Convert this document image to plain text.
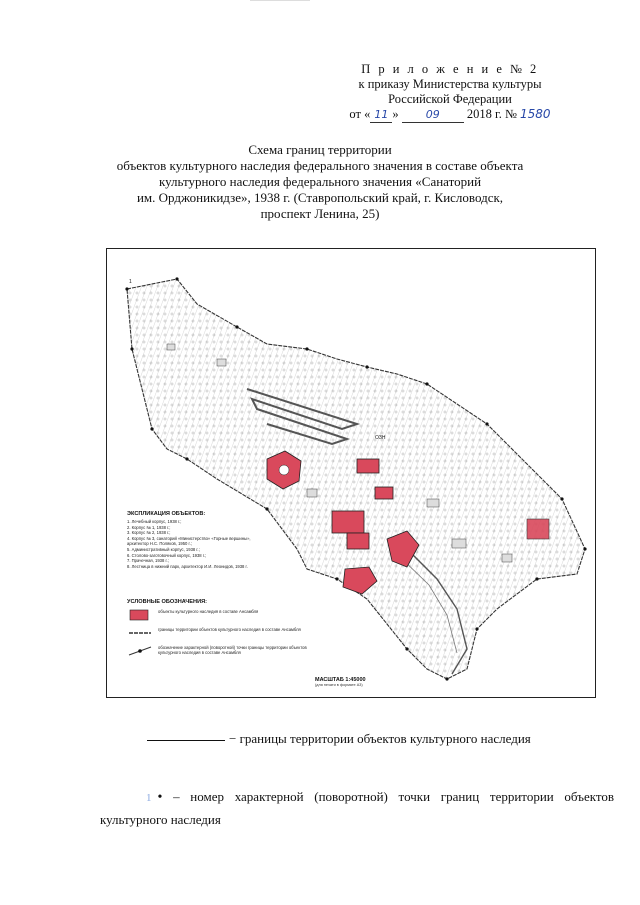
П р и л о ж е н и е № 2
к приказу Министерства культуры
Российской Федерации
от « 11 » 09 2018 г. № 1580
Схема границ территории
объектов культурного наследия федерального значения в составе объекта
культурного наследия федерального значения «Санаторий
им. Орджоникидзе», 1938 г. (Ставропольский край, г. Кисловодск,
проспект Ленина, 25)
ОЗН
1
ЭКСПЛИКАЦИЯ ОБЪЕКТОВ:
1. Лечебный корпус, 1938 г.;
2. Корпус № 1, 1938 г.;
3. Корпус № 2, 1938 г.;
4. Корпус № 3, санаторий «Министерство» «Горные вершины»,
архитектор Н.С. Поляков, 1950 г.;
5. Административный корпус, 1938 г.;
6. Столово-заготовочный корпус, 1938 г.;
7. Прачечная, 1938 г.;
8. Лестница в нижний парк, архитектор И.И. Леонидов, 1938 г.
УСЛОВНЫЕ ОБОЗНАЧЕНИЯ:
объекты культурного наследия в составе Ансамбля
границы территории объектов культурного наследия в составе Ансамбля
обозначение характерной (поворотной) точки границы территории объектов культурного наследия в составе Ансамбля
МАСШТАБ 1:45000
(для печати в формате А3)
− границы территории объектов культурного наследия
1 • – номер характерной (поворотной) точки границ территории объектов культурного наследия
